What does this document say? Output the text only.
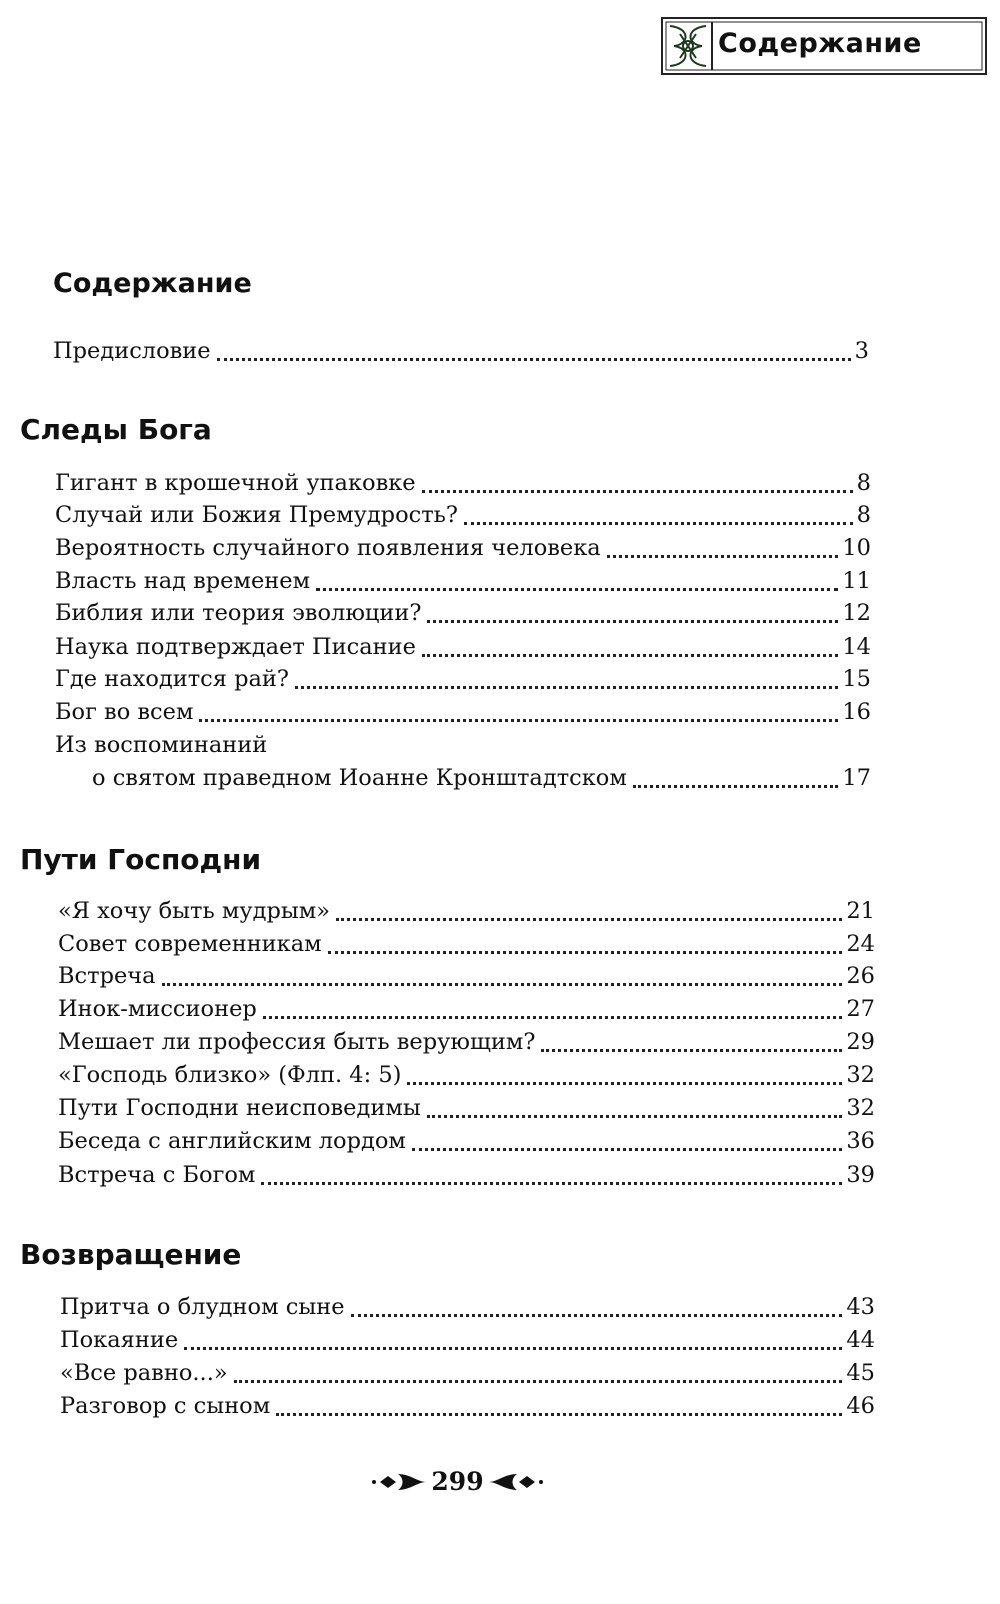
Содержание
Содержание
Предисловие	3
Следы Бога
Гигант в крошечной упаковке	8
Случай или Божия Премудрость?	8
Вероятность случайного появления человека	10
Власть над временем	11
Библия или теория эволюции?	12
Наука подтверждает Писание	14
Где находится рай?	15
Бог во всем	16
Из воспоминаний
о святом праведном Иоанне Кронштадтском	17
Пути Господни
«Я хочу быть мудрым»	21
Совет современникам	24
Встреча	26
Инок-миссионер	27
Мешает ли профессия быть верующим?	29
«Господь близко» (Флп. 4: 5)	32
Пути Господни неисповедимы	32
Беседа с английским лордом	36
Встреча с Богом	39
Возвращение
Притча о блудном сыне	43
Покаяние	44
«Все равно...»	45
Разговор с сыном	46
299
